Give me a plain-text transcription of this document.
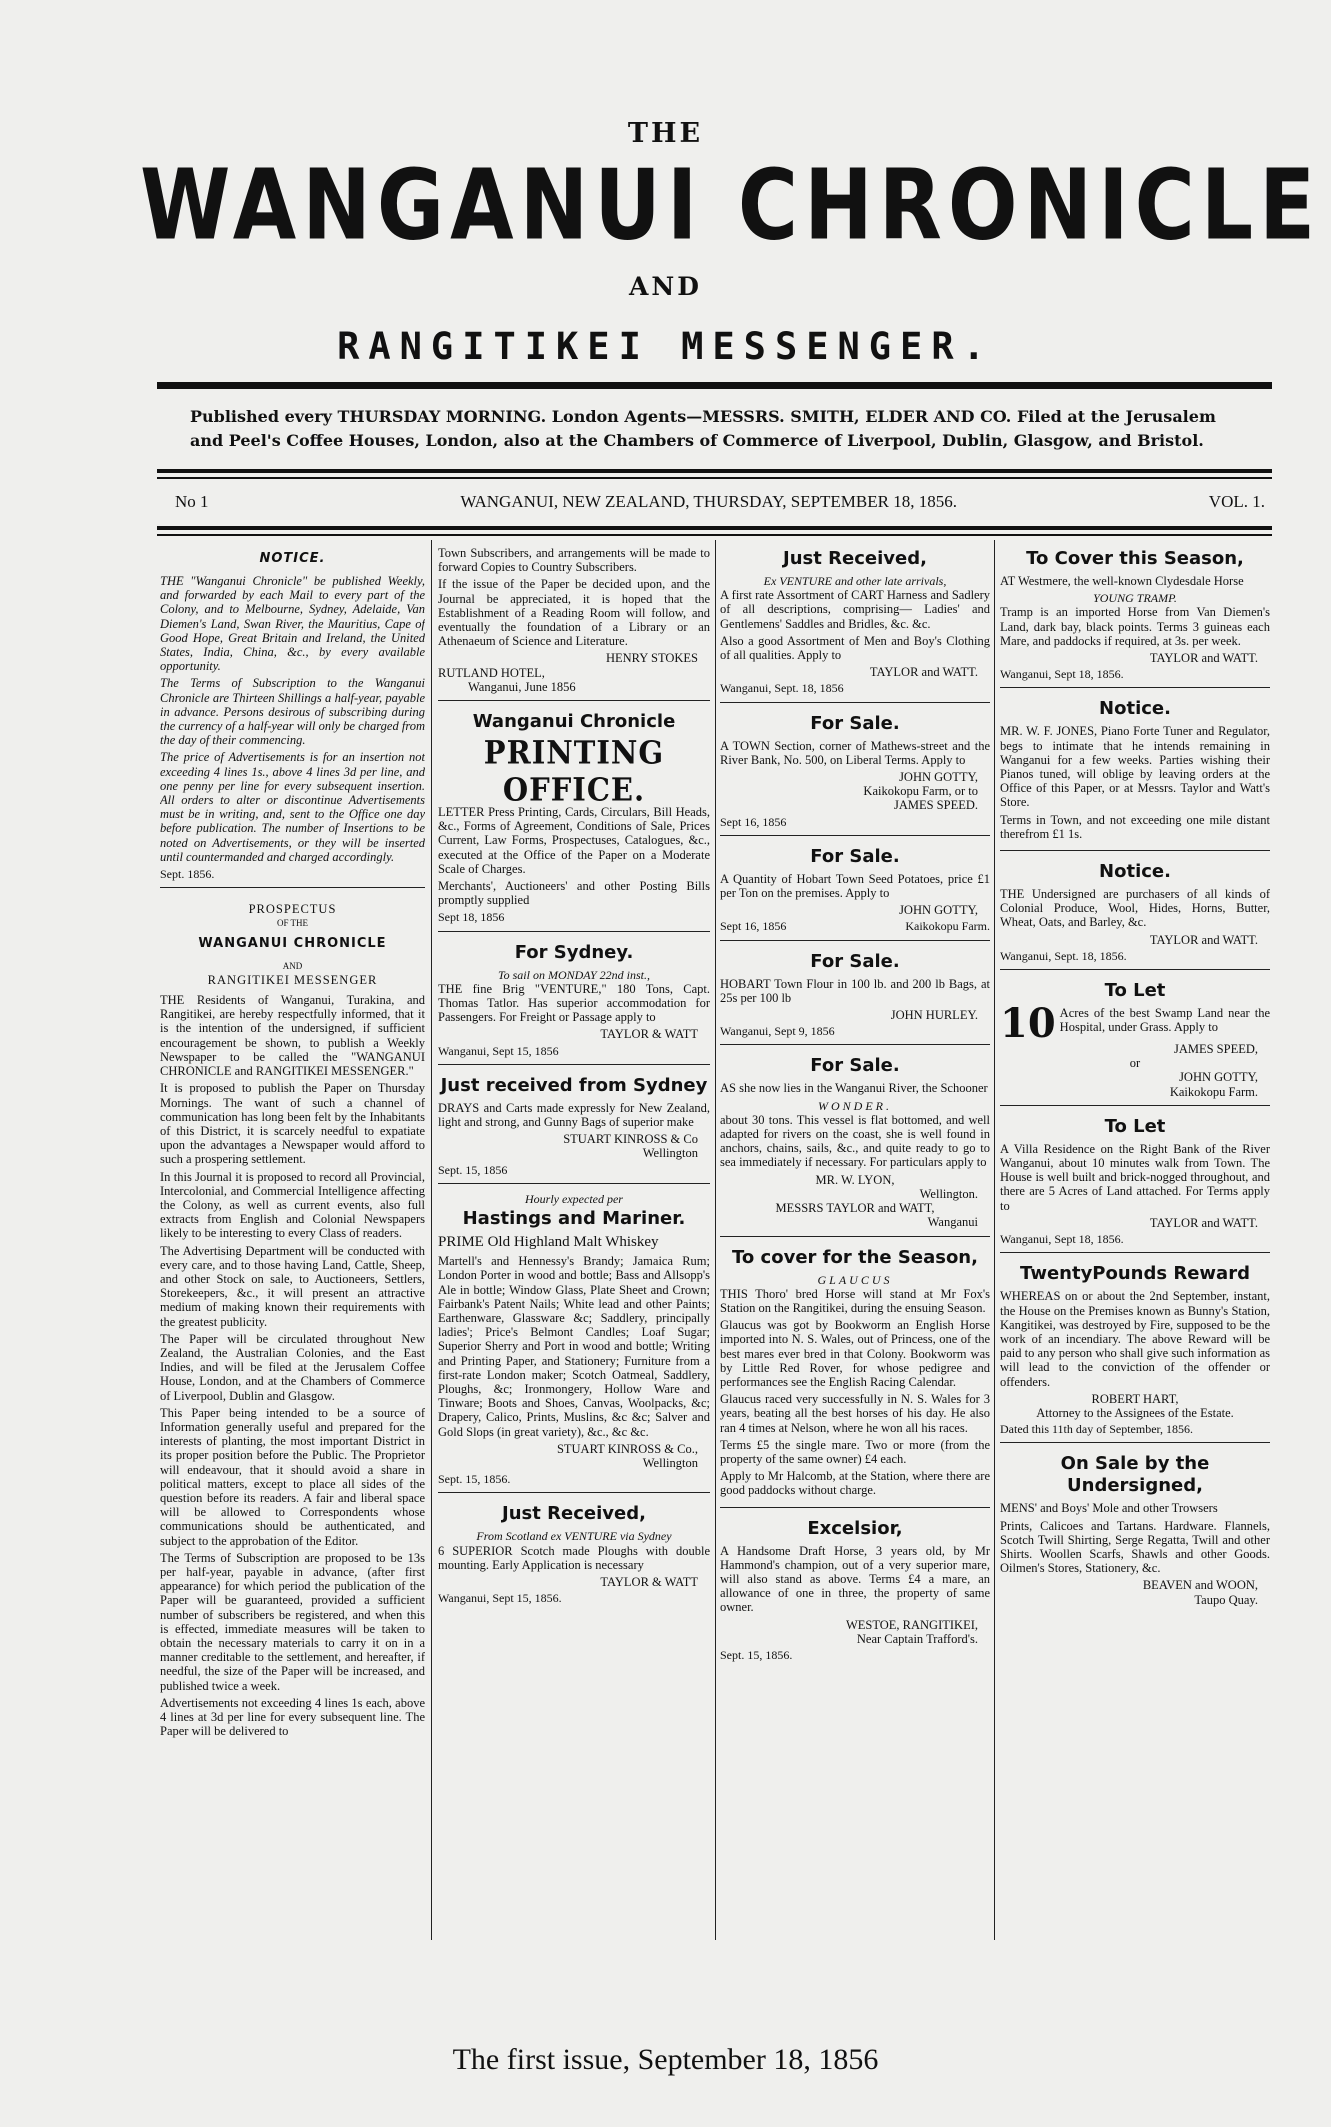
THE
WANGANUI CHRONICLE
AND
RANGITIKEI MESSENGER.
Published every THURSDAY MORNING. London Agents—MESSRS. SMITH, ELDER AND CO. Filed at the Jerusalem and Peel's Coffee Houses, London, also at the Chambers of Commerce of Liverpool, Dublin, Glasgow, and Bristol.
No 1	WANGANUI, NEW ZEALAND, THURSDAY, SEPTEMBER 18, 1856.	VOL. 1.
NOTICE.

THE "Wanganui Chronicle" be published Weekly, and forwarded by each Mail to every part of the Colony, and to Melbourne, Sydney, Adelaide, Van Diemen's Land, Swan River, the Mauritius, Cape of Good Hope, Great Britain and Ireland, the United States, India, China, &c., by every available opportunity.

The Terms of Subscription to the Wanganui Chronicle are Thirteen Shillings a half-year, payable in advance. Persons desirous of subscribing during the currency of a half-year will only be charged from the day of their commencing.

The price of Advertisements is for an insertion not exceeding 4 lines 1s., above 4 lines 3d per line, and one penny per line for every subsequent insertion. All orders to alter or discontinue Advertisements must be in writing, and, sent to the Office one day before publication. The number of Insertions to be noted on Advertisements, or they will be inserted until countermanded and charged accordingly.

Sept. 1856.
PROSPECTUS
OF THE
WANGANUI CHRONICLE
AND
RANGITIKEI MESSENGER

THE Residents of Wanganui, Turakina, and Rangitikei, are hereby respectfully informed, that it is the intention of the undersigned, if sufficient encouragement be shown, to publish a Weekly Newspaper to be called the "WANGANUI CHRONICLE and RANGITIKEI MESSENGER."

It is proposed to publish the Paper on Thursday Mornings. The want of such a channel of communication has long been felt by the Inhabitants of this District, it is scarcely needful to expatiate upon the advantages a Newspaper would afford to such a prospering settlement.

In this Journal it is proposed to record all Provincial, Intercolonial, and Commercial Intelligence affecting the Colony, as well as current events, also full extracts from English and Colonial Newspapers likely to be interesting to every Class of readers.

The Advertising Department will be conducted with every care, and to those having Land, Cattle, Sheep, and other Stock on sale, to Auctioneers, Settlers, Storekeepers, &c., it will present an attractive medium of making known their requirements with the greatest publicity.

The Paper will be circulated throughout New Zealand, the Australian Colonies, and the East Indies, and will be filed at the Jerusalem Coffee House, London, and at the Chambers of Commerce of Liverpool, Dublin and Glasgow.

This Paper being intended to be a source of Information generally useful and prepared for the interests of planting, the most important District in its proper position before the Public. The Proprietor will endeavour, that it should avoid a share in political matters, except to place all sides of the question before its readers. A fair and liberal space will be allowed to Correspondents whose communications should be authenticated, and subject to the approbation of the Editor.

The Terms of Subscription are proposed to be 13s per half-year, payable in advance, (after first appearance) for which period the publication of the Paper will be guaranteed, provided a sufficient number of subscribers be registered, and when this is effected, immediate measures will be taken to obtain the necessary materials to carry it on in a manner creditable to the settlement, and hereafter, if needful, the size of the Paper will be increased, and published twice a week.

Advertisements not exceeding 4 lines 1s each, above 4 lines at 3d per line for every subsequent line. The Paper will be delivered to

Town Subscribers, and arrangements will be made to forward Copies to Country Subscribers.

If the issue of the Paper be decided upon, and the Journal be appreciated, it is hoped that the Establishment of a Reading Room will follow, and eventually the foundation of a Library or an Athenaeum of Science and Literature.

HENRY STOKES
RUTLAND HOTEL,
Wanganui, June 1856
Wanganui Chronicle
PRINTING OFFICE.

LETTER Press Printing, Cards, Circulars, Bill Heads, &c., Forms of Agreement, Conditions of Sale, Prices Current, Law Forms, Prospectuses, Catalogues, &c., executed at the Office of the Paper on a Moderate Scale of Charges.

Merchants', Auctioneers' and other Posting Bills promptly supplied

Sept 18, 1856
For Sydney.
To sail on MONDAY 22nd inst.,

THE fine Brig "VENTURE," 180 Tons, Capt. Thomas Tatlor. Has superior accommodation for Passengers. For Freight or Passage apply to

TAYLOR & WATT
Wanganui, Sept 15, 1856
Just received from Sydney

DRAYS and Carts made expressly for New Zealand, light and strong, and Gunny Bags of superior make

STUART KINROSS & Co
Wellington
Sept. 15, 1856
Hourly expected per
Hastings and Mariner.

PRIME Old Highland Malt Whiskey

Martell's and Hennessy's Brandy; Jamaica Rum; London Porter in wood and bottle; Bass and Allsopp's Ale in bottle; Window Glass, Plate Sheet and Crown; Fairbank's Patent Nails; White lead and other Paints; Earthenware, Glassware &c; Saddlery, principally ladies'; Price's Belmont Candles; Loaf Sugar; Superior Sherry and Port in wood and bottle; Writing and Printing Paper, and Stationery; Furniture from a first-rate London maker; Scotch Oatmeal, Saddlery, Ploughs, &c; Ironmongery, Hollow Ware and Tinware; Boots and Shoes, Canvas, Woolpacks, &c; Drapery, Calico, Prints, Muslins, &c &c; Salver and Gold Slops (in great variety), &c., &c &c.

STUART KINROSS & Co.,
Wellington
Sept. 15, 1856.
Just Received,
From Scotland ex VENTURE via Sydney

6 SUPERIOR Scotch made Ploughs with double mounting. Early Application is necessary

TAYLOR & WATT
Wanganui, Sept 15, 1856.
Just Received,
Ex VENTURE and other late arrivals,

A first rate Assortment of CART Harness and Sadlery of all descriptions, comprising— Ladies' and Gentlemens' Saddles and Bridles, &c. &c.

Also a good Assortment of Men and Boy's Clothing of all qualities. Apply to

TAYLOR and WATT.
Wanganui, Sept. 18, 1856
For Sale.

A TOWN Section, corner of Mathews-street and the River Bank, No. 500, on Liberal Terms. Apply to

JOHN GOTTY,
Kaikokopu Farm, or to
JAMES SPEED.
Sept 16, 1856
For Sale.

A Quantity of Hobart Town Seed Potatoes, price £1 per Ton on the premises. Apply to

JOHN GOTTY,
Sept 16, 1856	Kaikokopu Farm.
For Sale.

HOBART Town Flour in 100 lb. and 200 lb Bags, at 25s per 100 lb

JOHN HURLEY.
Wanganui, Sept 9, 1856
For Sale.

AS she now lies in the Wanganui River, the Schooner

WONDER.

about 30 tons. This vessel is flat bottomed, and well adapted for rivers on the coast, she is well found in anchors, chains, sails, &c., and quite ready to go to sea immediately if necessary. For particulars apply to

MR. W. LYON,
Wellington.
MESSRS TAYLOR and WATT,
Wanganui
To cover for the Season,
GLAUCUS

THIS Thoro' bred Horse will stand at Mr Fox's Station on the Rangitikei, during the ensuing Season.

Glaucus was got by Bookworm an English Horse imported into N. S. Wales, out of Princess, one of the best mares ever bred in that Colony. Bookworm was by Little Red Rover, for whose pedigree and performances see the English Racing Calendar.

Glaucus raced very successfully in N. S. Wales for 3 years, beating all the best horses of his day. He also ran 4 times at Nelson, where he won all his races.

Terms £5 the single mare. Two or more (from the property of the same owner) £4 each.

Apply to Mr Halcomb, at the Station, where there are good paddocks without charge.

Excelsior,

A Handsome Draft Horse, 3 years old, by Mr Hammond's champion, out of a very superior mare, will also stand as above. Terms £4 a mare, an allowance of one in three, the property of same owner.

WESTOE, RANGITIKEI,
Near Captain Trafford's.
Sept. 15, 1856.
To Cover this Season,

AT Westmere, the well-known Clydesdale Horse

YOUNG TRAMP.

Tramp is an imported Horse from Van Diemen's Land, dark bay, black points. Terms 3 guineas each Mare, and paddocks if required, at 3s. per week.

TAYLOR and WATT.
Wanganui, Sept 18, 1856.
Notice.

MR. W. F. JONES, Piano Forte Tuner and Regulator, begs to intimate that he intends remaining in Wanganui for a few weeks. Parties wishing their Pianos tuned, will oblige by leaving orders at the Office of this Paper, or at Messrs. Taylor and Watt's Store.

Terms in Town, and not exceeding one mile distant therefrom £1 1s.

Notice.

THE Undersigned are purchasers of all kinds of Colonial Produce, Wool, Hides, Horns, Butter, Wheat, Oats, and Barley, &c.

TAYLOR and WATT.
Wanganui, Sept. 18, 1856.
To Let
10 Acres of the best Swamp Land near the Hospital, under Grass. Apply to

JAMES SPEED,
or
JOHN GOTTY,
Kaikokopu Farm.
To Let

A Villa Residence on the Right Bank of the River Wanganui, about 10 minutes walk from Town. The House is well built and brick-nogged throughout, and there are 5 Acres of Land attached. For Terms apply to

TAYLOR and WATT.
Wanganui, Sept 18, 1856.
TwentyPounds Reward

WHEREAS on or about the 2nd September, instant, the House on the Premises known as Bunny's Station, Kangitikei, was destroyed by Fire, supposed to be the work of an incendiary. The above Reward will be paid to any person who shall give such information as will lead to the conviction of the offender or offenders.

ROBERT HART,
Attorney to the Assignees of the Estate.
Dated this 11th day of September, 1856.
On Sale by the Undersigned,

MENS' and Boys' Mole and other Trowsers

Prints, Calicoes and Tartans. Hardware. Flannels, Scotch Twill Shirting, Serge Regatta, Twill and other Shirts. Woollen Scarfs, Shawls and other Goods. Oilmen's Stores, Stationery, &c.

BEAVEN and WOON,
Taupo Quay.
The first issue, September 18, 1856
